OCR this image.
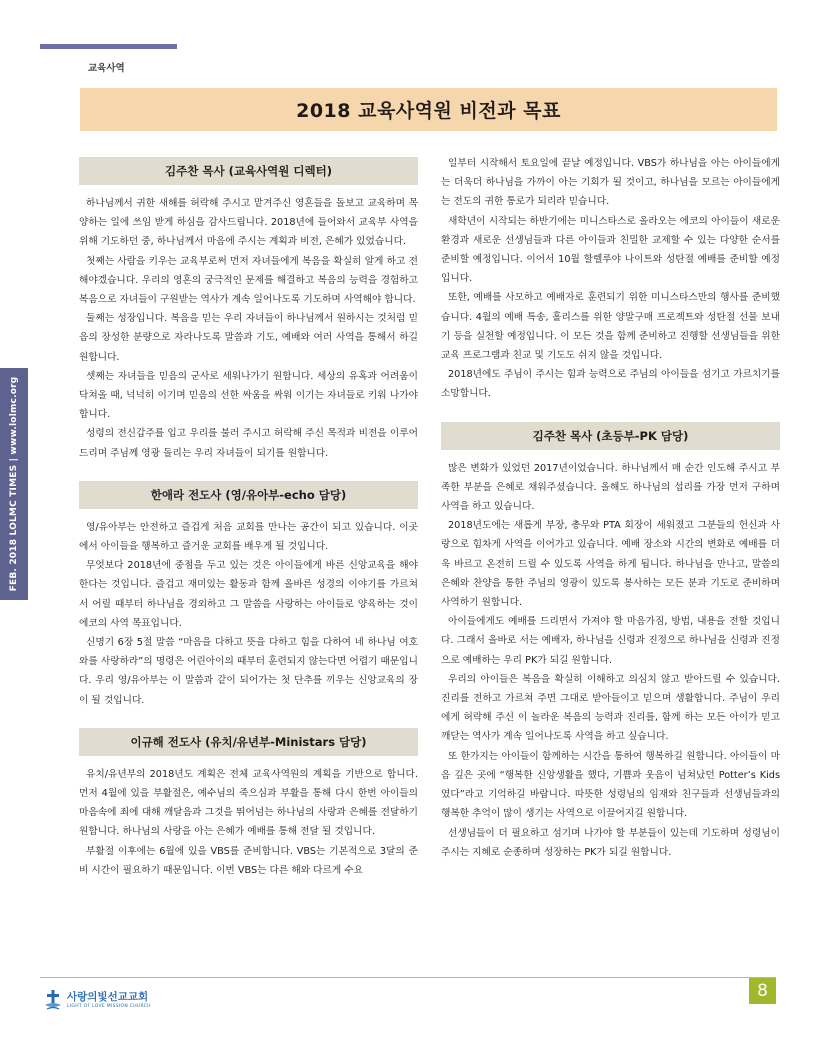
교육사역
2018 교육사역원 비전과 목표
FEB. 2018 LOLMC TIMES | www.lolmc.org
김주찬 목사 (교육사역원 디렉터)

하나님께서 귀한 새해를 허락해 주시고 맡겨주신 영혼들을 돌보고 교육하며 목양하는 일에 쓰임 받게 하심을 감사드립니다. 2018년에 들어와서 교육부 사역을 위해 기도하던 중, 하나님께서 마음에 주시는 계획과 비전, 은혜가 있었습니다.

첫째는 사람을 키우는 교육부로써 먼저 자녀들에게 복음을 확실히 알게 하고 전해야겠습니다. 우리의 영혼의 궁극적인 문제를 해결하고 복음의 능력을 경험하고 복음으로 자녀들이 구원받는 역사가 계속 일어나도록 기도하며 사역해야 합니다.

둘째는 성장입니다. 복음을 믿는 우리 자녀들이 하나님께서 원하시는 것처럼 믿음의 장성한 분량으로 자라나도록 말씀과 기도, 예배와 여러 사역을 통해서 하길 원합니다.

셋째는 자녀들을 믿음의 군사로 세워나가기 원합니다. 세상의 유혹과 어려움이 닥쳐올 때, 넉넉히 이기며 믿음의 선한 싸움을 싸워 이기는 자녀들로 키워 나가야 합니다.

성령의 전신갑주를 입고 우리를 불러 주시고 허락해 주신 목적과 비전을 이루어 드리며 주님께 영광 돌리는 우리 자녀들이 되기를 원합니다.

한애라 전도사 (영/유아부-echo 담당)

영/유아부는 안전하고 즐겁게 처음 교회를 만나는 공간이 되고 있습니다. 이곳에서 아이들을 행복하고 즐거운 교회를 배우게 될 것입니다.

무엇보다 2018년에 중점을 두고 있는 것은 아이들에게 바른 신앙교육을 해야 한다는 것입니다. 즐겁고 재미있는 활동과 함께 올바른 성경의 이야기를 가르쳐서 어릴 때부터 하나님을 경외하고 그 말씀을 사랑하는 아이들로 양육하는 것이 에코의 사역 목표입니다.

신명기 6장 5절 말씀 “마음을 다하고 뜻을 다하고 힘을 다하여 네 하나님 여호와를 사랑하라”의 명령은 어린아이의 때부터 훈련되지 않는다면 어렵기 때문입니다. 우리 영/유아부는 이 말씀과 같이 되어가는 첫 단추를 끼우는 신앙교육의 장이 될 것입니다.

이규해 전도사 (유치/유년부-Ministars 담당)

유치/유년부의 2018년도 계획은 전체 교육사역원의 계획을 기반으로 합니다. 먼저 4월에 있을 부활절은, 예수님의 죽으심과 부활을 통해 다시 한번 아이들의 마음속에 죄에 대해 깨달음과 그것을 뛰어넘는 하나님의 사랑과 은혜를 전달하기 원합니다. 하나님의 사랑을 아는 은혜가 예배를 통해 전달 될 것입니다.

부활절 이후에는 6월에 있을 VBS를 준비합니다. VBS는 기본적으로 3달의 준비 시간이 필요하기 때문입니다. 이번 VBS는 다른 해와 다르게 수요

일부터 시작해서 토요일에 끝날 예정입니다. VBS가 하나님을 아는 아이들에게는 더욱더 하나님을 가까이 아는 기회가 될 것이고, 하나님을 모르는 아이들에게는 전도의 귀한 통로가 되리라 믿습니다.

새학년이 시작되는 하반기에는 미니스타스로 올라오는 에코의 아이들이 새로운 환경과 새로운 선생님들과 다른 아이들과 친밀한 교제할 수 있는 다양한 순서를 준비할 예정입니다. 이어서 10월 할렐루야 나이트와 성탄절 예배를 준비할 예정입니다.

또한, 예배를 사모하고 예배자로 훈련되기 위한 미니스타스만의 행사를 준비했습니다. 4월의 예배 특송, 홀리스를 위한 양말구매 프로젝트와 성탄절 선물 보내기 등을 실천할 예정입니다. 이 모든 것을 함께 준비하고 진행할 선생님들을 위한 교육 프로그램과 친교 및 기도도 쉬지 않을 것입니다.

2018년에도 주님이 주시는 힘과 능력으로 주님의 아이들을 섬기고 가르치기를 소망합니다.

김주찬 목사 (초등부-PK 담당)

많은 변화가 있었던 2017년이었습니다. 하나님께서 매 순간 인도해 주시고 부족한 부분을 은혜로 채워주셨습니다. 올해도 하나님의 섭리를 가장 먼저 구하며 사역을 하고 있습니다.

2018년도에는 새롭게 부장, 총무와 PTA 회장이 세워졌고 그분들의 헌신과 사랑으로 힘차게 사역을 이어가고 있습니다. 예배 장소와 시간의 변화로 예배를 더욱 바르고 온전히 드릴 수 있도록 사역을 하게 됩니다. 하나님을 만나고, 말씀의 은혜와 찬양을 통한 주님의 영광이 있도록 봉사하는 모든 분과 기도로 준비하며 사역하기 원합니다.

아이들에게도 예배를 드리면서 가져야 할 마음가짐, 방법, 내용을 전할 것입니다. 그래서 올바로 서는 예배자, 하나님을 신령과 진정으로 하나님을 신령과 진정으로 예배하는 우리 PK가 되길 원합니다.

우리의 아이들은 복음을 확실히 이해하고 의심치 않고 받아드릴 수 있습니다. 진리를 전하고 가르쳐 주면 그대로 받아들이고 믿으며 생활합니다. 주님이 우리에게 허락해 주신 이 놀라운 복음의 능력과 진리를, 함께 하는 모든 아이가 믿고 깨닫는 역사가 계속 일어나도록 사역을 하고 싶습니다.

또 한가지는 아이들이 함께하는 시간을 통하여 행복하길 원합니다. 아이들이 마음 깊은 곳에 “행복한 신앙생활을 했다, 기쁨과 웃음이 넘쳐났던 Potter’s Kids였다”라고 기억하길 바랍니다. 따뜻한 성령님의 임재와 친구들과 선생님들과의 행복한 추억이 많이 생기는 사역으로 이끌어지길 원합니다.

선생님들이 더 필요하고 섬기며 나가야 할 부분들이 있는데 기도하며 성령님이 주시는 지혜로 순종하며 성장하는 PK가 되길 원합니다.

사랑의빛선교교회
LIGHT OF LOVE MISSION CHURCH
8
